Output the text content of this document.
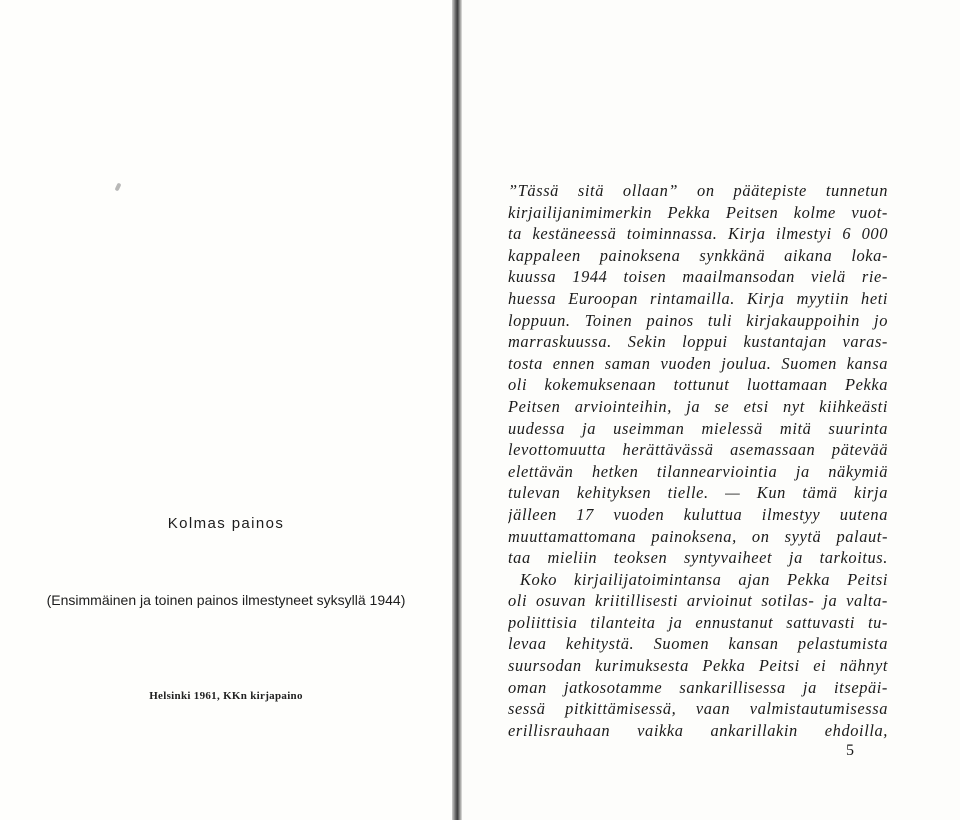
Kolmas painos
(Ensimmäinen ja toinen painos ilmestyneet syksyllä 1944)
Helsinki 1961, KKn kirjapaino
”Tässä sitä ollaan” on päätepiste tunnetun
kirjailijanimimerkin Pekka Peitsen kolme vuot-
ta kestäneessä toiminnassa. Kirja ilmestyi 6 000
kappaleen painoksena synkkänä aikana loka-
kuussa 1944 toisen maailmansodan vielä rie-
huessa Euroopan rintamailla. Kirja myytiin heti
loppuun. Toinen painos tuli kirjakauppoihin jo
marraskuussa. Sekin loppui kustantajan varas-
tosta ennen saman vuoden joulua. Suomen kansa
oli kokemuksenaan tottunut luottamaan Pekka
Peitsen arviointeihin, ja se etsi nyt kiihkeästi
uudessa ja useimman mielessä mitä suurinta
levottomuutta herättävässä asemassaan pätevää
elettävän hetken tilannearviointia ja näkymiä
tulevan kehityksen tielle. — Kun tämä kirja
jälleen 17 vuoden kuluttua ilmestyy uutena
muuttamattomana painoksena, on syytä palaut-
taa mieliin teoksen syntyvaiheet ja tarkoitus.
Koko kirjailijatoimintansa ajan Pekka Peitsi
oli osuvan kriitillisesti arvioinut sotilas- ja valta-
poliittisia tilanteita ja ennustanut sattuvasti tu-
levaa kehitystä. Suomen kansan pelastumista
suursodan kurimuksesta Pekka Peitsi ei nähnyt
oman jatkosotamme sankarillisessa ja itsepäi-
sessä pitkittämisessä, vaan valmistautumisessa
erillisrauhaan vaikka ankarillakin ehdoilla,
5
